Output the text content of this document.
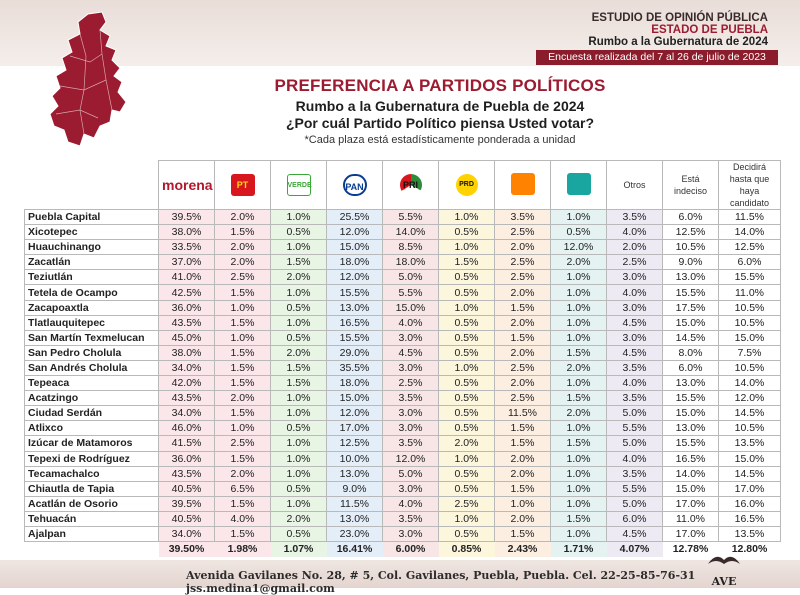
ESTUDIO DE OPINIÓN PÚBLICA
ESTADO DE PUEBLA
Rumbo a la Gubernatura de 2024
Encuesta realizada del 7 al 26 de julio de 2023
PREFERENCIA A PARTIDOS POLÍTICOS
Rumbo a la Gubernatura de Puebla de 2024
¿Por cuál Partido Político piensa Usted votar?
*Cada plaza está estadísticamente ponderada a unidad
	morena	PT	VERDE	PAN	PRI	PRD			Otros	Está indeciso	Decidirá hasta que haya candidato
Puebla Capital	39.5%	2.0%	1.0%	25.5%	5.5%	1.0%	3.5%	1.0%	3.5%	6.0%	11.5%
Xicotepec	38.0%	1.5%	0.5%	12.0%	14.0%	0.5%	2.5%	0.5%	4.0%	12.5%	14.0%
Huauchinango	33.5%	2.0%	1.0%	15.0%	8.5%	1.0%	2.0%	12.0%	2.0%	10.5%	12.5%
Zacatlán	37.0%	2.0%	1.5%	18.0%	18.0%	1.5%	2.5%	2.0%	2.5%	9.0%	6.0%
Teziutlán	41.0%	2.5%	2.0%	12.0%	5.0%	0.5%	2.5%	1.0%	3.0%	13.0%	15.5%
Tetela de Ocampo	42.5%	1.5%	1.0%	15.5%	5.5%	0.5%	2.0%	1.0%	4.0%	15.5%	11.0%
Zacapoaxtla	36.0%	1.0%	0.5%	13.0%	15.0%	1.0%	1.5%	1.0%	3.0%	17.5%	10.5%
Tlatlauquitepec	43.5%	1.5%	1.0%	16.5%	4.0%	0.5%	2.0%	1.0%	4.5%	15.0%	10.5%
San Martín Texmelucan	45.0%	1.0%	0.5%	15.5%	3.0%	0.5%	1.5%	1.0%	3.0%	14.5%	15.0%
San Pedro Cholula	38.0%	1.5%	2.0%	29.0%	4.5%	0.5%	2.0%	1.5%	4.5%	8.0%	7.5%
San Andrés Cholula	34.0%	1.5%	1.5%	35.5%	3.0%	1.0%	2.5%	2.0%	3.5%	6.0%	10.5%
Tepeaca	42.0%	1.5%	1.5%	18.0%	2.5%	0.5%	2.0%	1.0%	4.0%	13.0%	14.0%
Acatzingo	43.5%	2.0%	1.0%	15.0%	3.5%	0.5%	2.5%	1.5%	3.5%	15.5%	12.0%
Ciudad Serdán	34.0%	1.5%	1.0%	12.0%	3.0%	0.5%	11.5%	2.0%	5.0%	15.0%	14.5%
Atlixco	46.0%	1.0%	0.5%	17.0%	3.0%	0.5%	1.5%	1.0%	5.5%	13.0%	10.5%
Izúcar de Matamoros	41.5%	2.5%	1.0%	12.5%	3.5%	2.0%	1.5%	1.5%	5.0%	15.5%	13.5%
Tepexi de Rodríguez	36.0%	1.5%	1.0%	10.0%	12.0%	1.0%	2.0%	1.0%	4.0%	16.5%	15.0%
Tecamachalco	43.5%	2.0%	1.0%	13.0%	5.0%	0.5%	2.0%	1.0%	3.5%	14.0%	14.5%
Chiautla de Tapia	40.5%	6.5%	0.5%	9.0%	3.0%	0.5%	1.5%	1.0%	5.5%	15.0%	17.0%
Acatlán de Osorio	39.5%	1.5%	1.0%	11.5%	4.0%	2.5%	1.0%	1.0%	5.0%	17.0%	16.0%
Tehuacán	40.5%	4.0%	2.0%	13.0%	3.5%	1.0%	2.0%	1.5%	6.0%	11.0%	16.5%
Ajalpan	34.0%	1.5%	0.5%	23.0%	3.0%	0.5%	1.5%	1.0%	4.5%	17.0%	13.5%
	39.50%	1.98%	1.07%	16.41%	6.00%	0.85%	2.43%	1.71%	4.07%	12.78%	12.80%
Avenida Gavilanes No. 28, # 5, Col. Gavilanes, Puebla, Puebla. Cel. 22-25-85-76-31 jss.medina1@gmail.com
AVE
